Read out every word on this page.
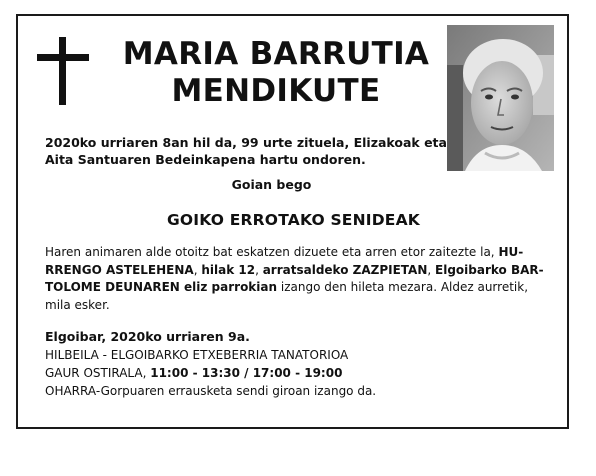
MARIA BARRUTIA
MENDIKUTE
2020ko urriaren 8an hil da, 99 urte zituela, Elizakoak eta Aita Santuaren Bedeinkapena hartu ondoren.
Goian bego
GOIKO ERROTAKO SENIDEAK
Haren animaren alde otoitz bat eskatzen dizuete eta arren etor zaitezte la, HURRENGO ASTELEHENA, hilak 12, arratsaldeko ZAZPIETAN, Elgoibarko BARTOLOME DEUNAREN eliz parrokian izango den hileta mezara. Aldez aurretik, mila esker.
Elgoibar, 2020ko urriaren 9a.
HILBEILA - ELGOIBARKO ETXEBERRIA TANATORIOA
GAUR OSTIRALA, 11:00 - 13:30 / 17:00 - 19:00
OHARRA-Gorpuaren errausketa sendi giroan izango da.
